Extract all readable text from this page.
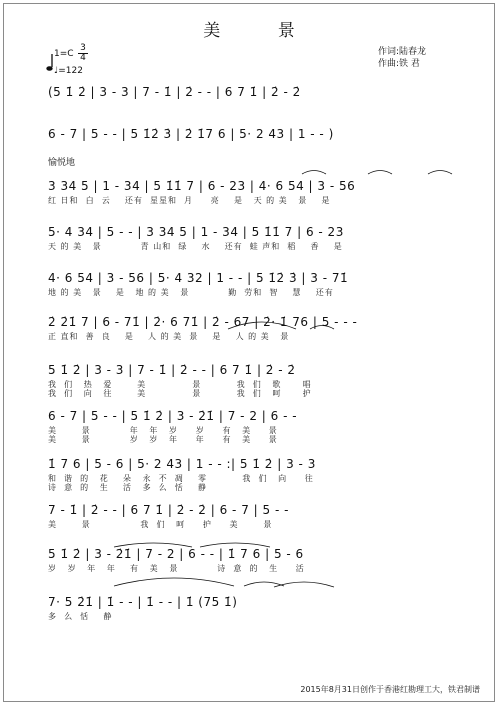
美 景
1=C
3
4
♩=122
作词:陆春龙
作曲:铁 君
愉悦地
(5 1̇ 2̇ | 3 - 3 | 7 - 1̇ | 2̇ - - | 6 7 1̇ | 2̇ - 2̇
6 - 7 | 5 - - | 5 1̇2̇ 3̇ | 2̇ 1̇7 6 | 5· 2 43 | 1 - - )
3 34 5 | 1 - 34 | 5 1̇1̇ 7 | 6 - 23 | 4· 6 54 | 3 - 56
红 日和  白  云    还有  星星和  月     亮    是   天 的 美   景    是
5· 4 34 | 5 - - | 3 34 5 | 1 - 34 | 5 1̇1̇ 7 | 6 - 23
天 的 美   景           青 山和  绿    水    还有  蛙 声和  稻    香    是
4· 6 54 | 3 - 56 | 5· 4 32 | 1 - - | 5 1̇2̇ 3̇ | 3 - 71̇
地 的 美   景    是   地 的 美   景           勤  劳和  智    慧    还有
2̇ 2̇1̇ 7 | 6 - 71̇ | 2̇· 6 71̇ | 2̇ - 67 | 2̇· 1̇ 76 | 5 - - -
正 直和  善  良    是    人 的 美  景    是    人 的 美   景
5 1̇ 2̇ | 3 - 3 | 7 - 1̇ | 2̇ - - | 6 7 1̇ | 2̇ - 2̇
我  们   热   爱       美             景          我  们   歌      唱
我  们   向   往       美             景          我  们   呵      护
6 - 7 | 5 - - | 5 1̇ 2̇ | 3 - 2̇1̇ | 7 - 2 | 6 - -
美       景           年   年   岁     岁     有   美     景
美       景           岁   岁   年     年     有   美     景
1̇ 7 6 | 5 - 6 | 5· 2 43 | 1 - - :| 5 1̇ 2̇ | 3 - 3
和  谐  的   花    朵   永  不  凋    零          我  们   向     往
诗  意  的   生    活   多  么  恬    静
7 - 1̇ | 2̇ - - | 6 7 1̇ | 2̇ - 2̇ | 6 - 7 | 5 - -
美       景              我  们   呵     护     美       景
5 1̇ 2̇ | 3 - 2̇1̇ | 7 - 2 | 6 - - | 1̇ 7 6 | 5 - 6
岁   岁   年   年    有   美   景           诗  意  的   生     活
7· 5 2̇1̇ | 1̇ - - | 1̇ - - | 1̇ (75 1̇)
多  么  恬    静
2015年8月31日创作于香港红勘理工大，铁君制谱
